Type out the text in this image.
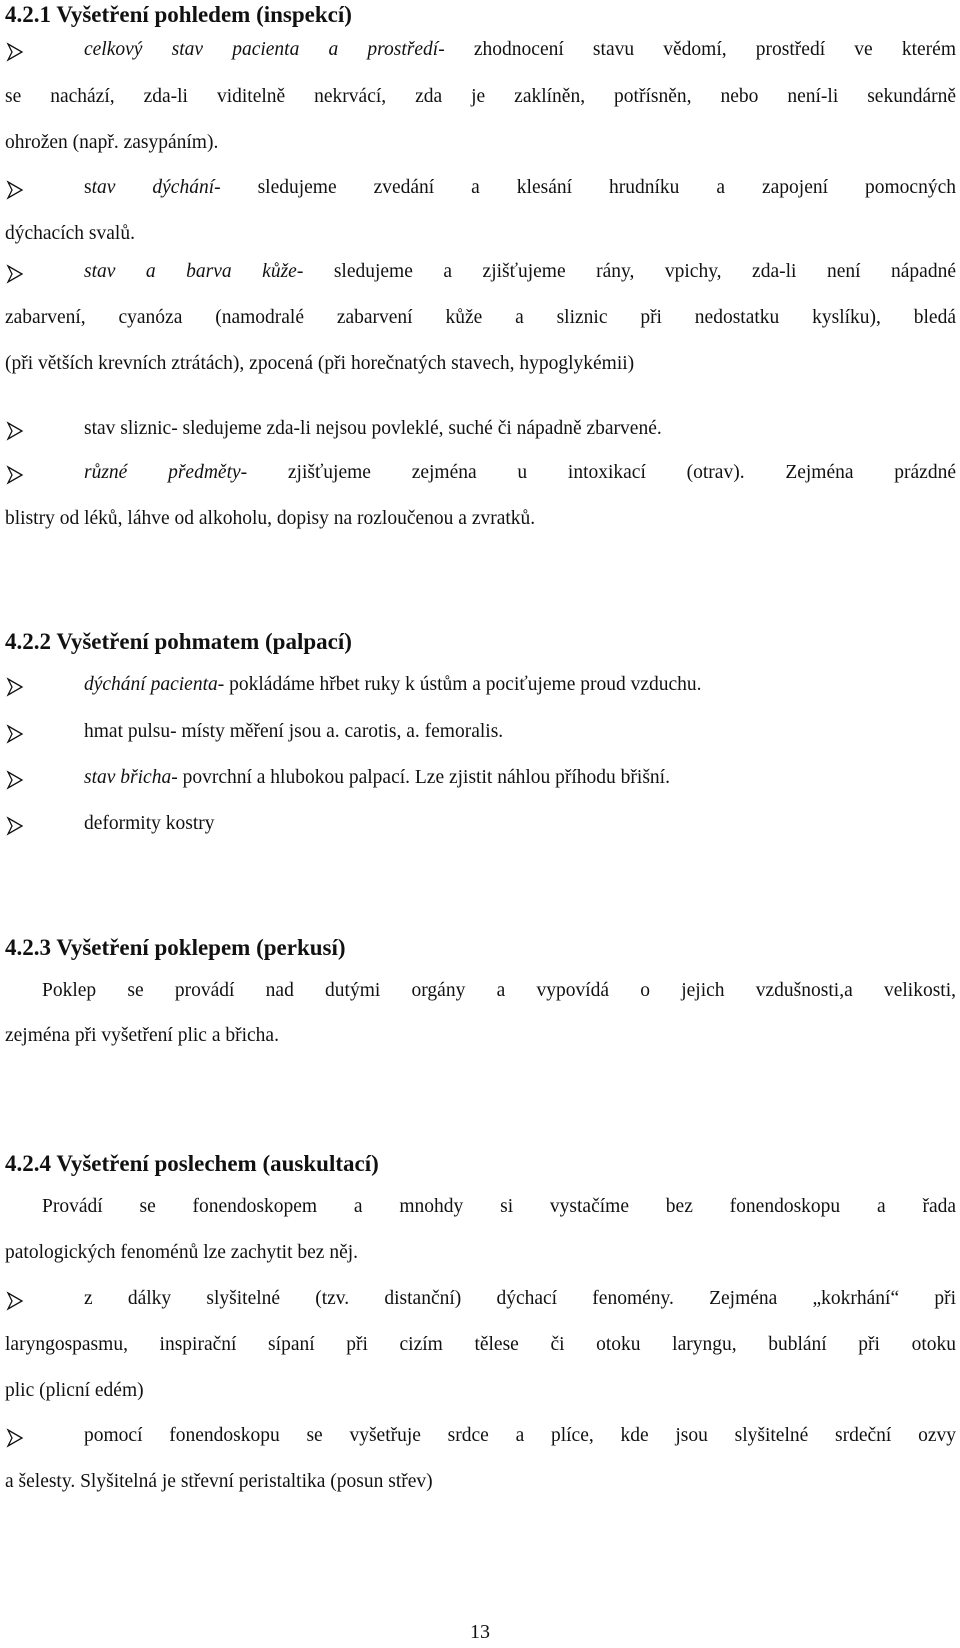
4.2.1 Vyšetření pohledem (inspekcí)
celkový stav pacienta a prostředí- zhodnocení stavu vědomí, prostředí ve kterém
se nachází, zda-li viditelně nekrvácí, zda je zaklíněn, potřísněn, nebo není-li sekundárně
ohrožen (např. zasypáním).
stav dýchání- sledujeme zvedání a klesání hrudníku a zapojení pomocných
dýchacích svalů.
stav a barva kůže- sledujeme a zjišťujeme rány, vpichy, zda-li není nápadné
zabarvení, cyanóza (namodralé zabarvení kůže a sliznic při nedostatku kyslíku), bledá
(při větších krevních ztrátách), zpocená (při horečnatých stavech, hypoglykémii)
stav sliznic- sledujeme zda-li nejsou povleklé, suché či nápadně zbarvené.
různé předměty- zjišťujeme zejména u intoxikací (otrav). Zejména prázdné
blistry od léků, láhve od alkoholu, dopisy na rozloučenou a zvratků.
4.2.2 Vyšetření pohmatem (palpací)
dýchání pacienta- pokládáme hřbet ruky k ústům a pociťujeme proud vzduchu.
hmat pulsu- místy měření jsou a. carotis, a. femoralis.
stav břicha- povrchní a hlubokou palpací. Lze zjistit náhlou příhodu břišní.
deformity kostry
4.2.3 Vyšetření poklepem (perkusí)
Poklep se provádí nad dutými orgány a vypovídá o jejich vzdušnosti,a velikosti,
zejména při vyšetření plic a břicha.
4.2.4 Vyšetření poslechem (auskultací)
Provádí se fonendoskopem a mnohdy si vystačíme bez fonendoskopu a řada
patologických fenoménů lze zachytit bez něj.
z dálky slyšitelné (tzv. distanční) dýchací fenomény. Zejména „kokrhání“ při
laryngospasmu, inspirační sípaní při cizím tělese či otoku laryngu, bublání při otoku
plic (plicní edém)
pomocí fonendoskopu se vyšetřuje srdce a plíce, kde jsou slyšitelné srdeční ozvy
a šelesty. Slyšitelná je střevní peristaltika (posun střev)
13
